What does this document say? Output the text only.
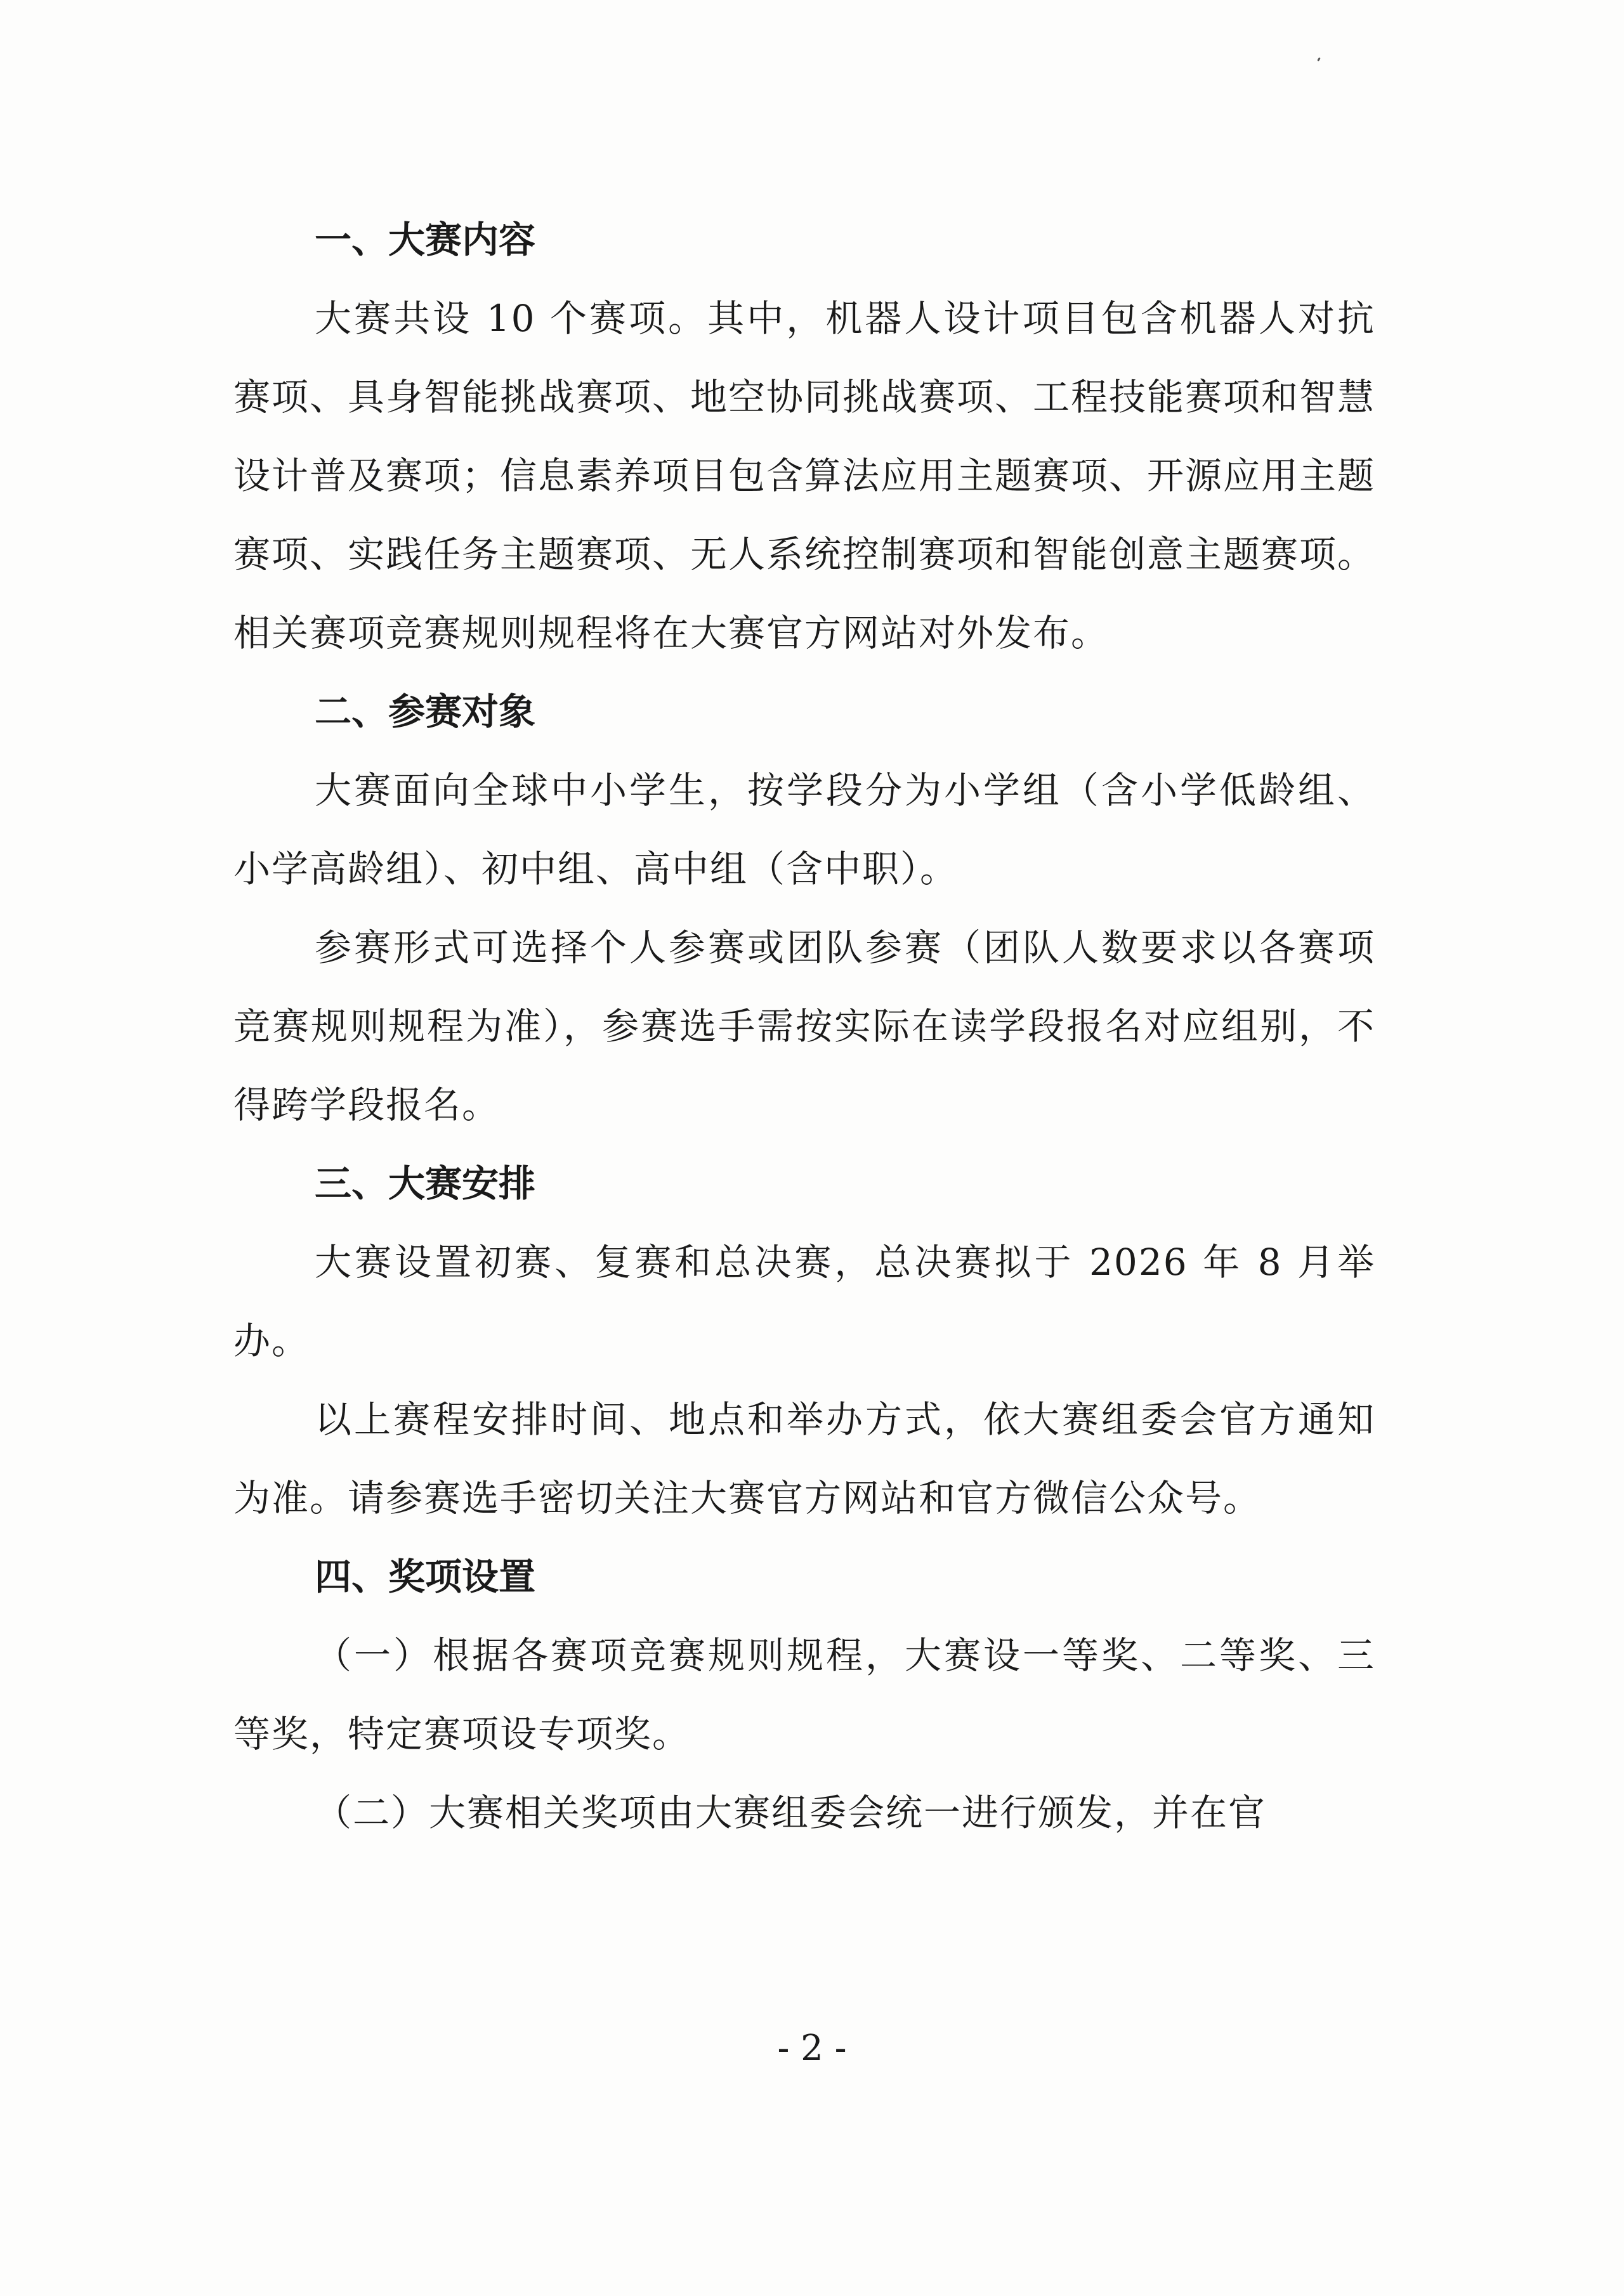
一、大赛内容

大赛共设 10 个赛项。其中，机器人设计项目包含机器人对抗赛项、具身智能挑战赛项、地空协同挑战赛项、工程技能赛项和智慧设计普及赛项；信息素养项目包含算法应用主题赛项、开源应用主题赛项、实践任务主题赛项、无人系统控制赛项和智能创意主题赛项。相关赛项竞赛规则规程将在大赛官方网站对外发布。

二、参赛对象

大赛面向全球中小学生，按学段分为小学组（含小学低龄组、小学高龄组）、初中组、高中组（含中职）。

参赛形式可选择个人参赛或团队参赛（团队人数要求以各赛项竞赛规则规程为准），参赛选手需按实际在读学段报名对应组别，不得跨学段报名。

三、大赛安排

大赛设置初赛、复赛和总决赛，总决赛拟于 2026 年 8 月举办。

以上赛程安排时间、地点和举办方式，依大赛组委会官方通知为准。请参赛选手密切关注大赛官方网站和官方微信公众号。

四、奖项设置

（一）根据各赛项竞赛规则规程，大赛设一等奖、二等奖、三等奖，特定赛项设专项奖。

（二）大赛相关奖项由大赛组委会统一进行颁发，并在官

- 2 -
